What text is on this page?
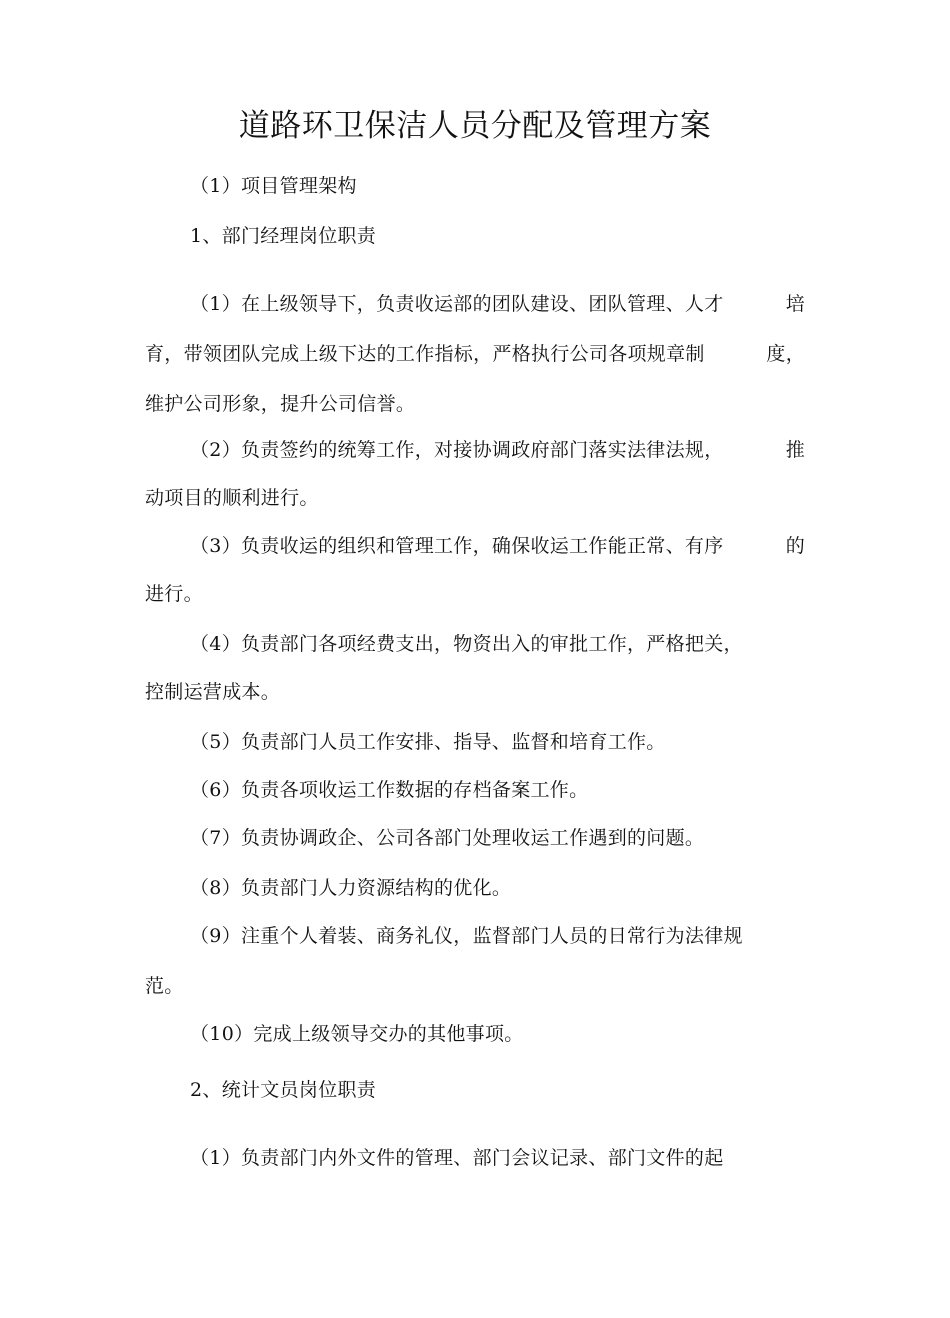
道路环卫保洁人员分配及管理方案
（1）项目管理架构
1、部门经理岗位职责
（1）在上级领导下，负责收运部的团队建设、团队管理、人才	培
育，带领团队完成上级下达的工作指标，严格执行公司各项规章制	度，
维护公司形象，提升公司信誉。
（2）负责签约的统筹工作，对接协调政府部门落实法律法规，	推
动项目的顺利进行。
（3）负责收运的组织和管理工作，确保收运工作能正常、有序	的
进行。
（4）负责部门各项经费支出，物资出入的审批工作，严格把关，
控制运营成本。
（5）负责部门人员工作安排、指导、监督和培育工作。
（6）负责各项收运工作数据的存档备案工作。
（7）负责协调政企、公司各部门处理收运工作遇到的问题。
（8）负责部门人力资源结构的优化。
（9）注重个人着装、商务礼仪，监督部门人员的日常行为法律规
范。
（10）完成上级领导交办的其他事项。
2、统计文员岗位职责
（1）负责部门内外文件的管理、部门会议记录、部门文件的起
